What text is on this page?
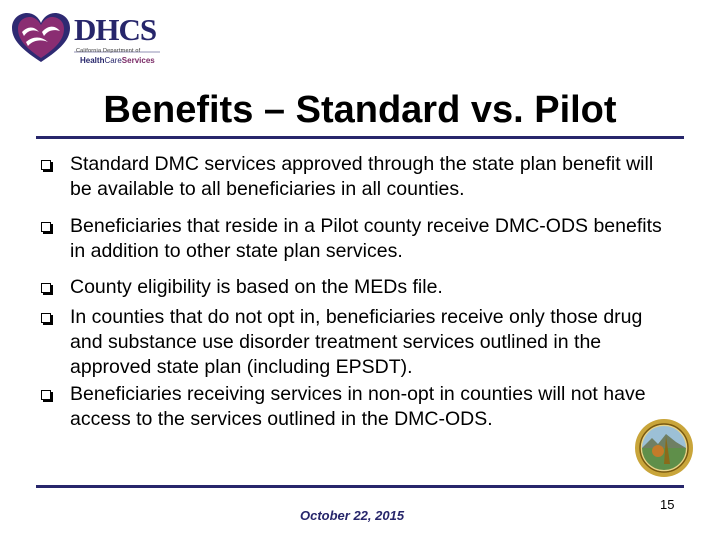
DHCS
California Department of
HealthCareServices
Benefits – Standard vs. Pilot
Standard DMC services approved through the state plan benefit will be available to all beneficiaries in all counties.
Beneficiaries that reside in a Pilot county receive DMC-ODS benefits in addition to other state plan services.
County eligibility is based on the MEDs file.
In counties that do not opt in, beneficiaries receive only those drug and substance use disorder treatment services outlined in the approved state plan (including EPSDT).
Beneficiaries receiving services in non-opt in counties will not have access to the services outlined in the DMC-ODS.
October 22, 2015
15
